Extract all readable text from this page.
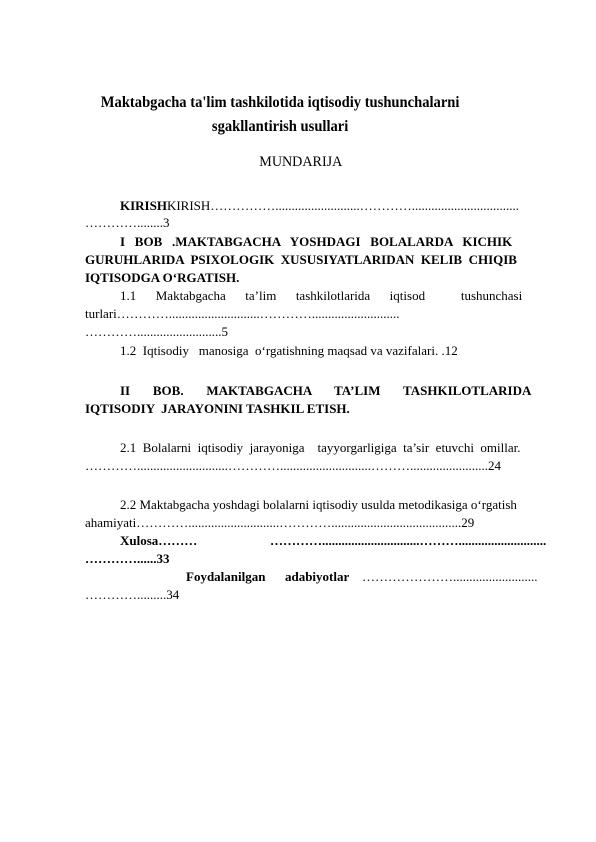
Maktabgacha ta'lim tashkilotida iqtisodiy tushunchalarni
sgakllantirish usullari
MUNDARIJA
KIRISHKIRISH……………..........................………….................................
…………........3
I   BOB   .MAKTABGACHA   YOSHDAGI   BOLALARDA   KICHIK
GURUHLARIDA  PSIXOLOGIK  XUSUSIYATLARIDAN  KELIB  CHIQIB
IQTISODGA OʻRGATISH.
1.1      Maktabgacha      ta’lim      tashkilotlarida      iqtisod           tushunchasi
turlari…………............................…………...........................
…………..........................5
1.2  Iqtisodiy   manosiga  oʻrgatishning maqsad va vazifalari. .12
II       BOB.       MAKTABGACHA       TA’LIM       TASHKILOTLARIDA
IQTISODIY  JARAYONINI TASHKIL ETISH.
2.1  Bolalarni  iqtisodiy  jarayoniga    tayyorgarligiga  ta’sir  etuvchi  omillar.
…………............................…………............................………........................24
2.2 Maktabgacha yoshdagi bolalarni iqtisodiy usulda metodikasiga oʻrgatish
ahamiyati…………............................…………........................................29
Xulosa………	…………..............................………...........................
…………......33
Foydalanilgan      adabiyotlar …………………..........................
………….........34
